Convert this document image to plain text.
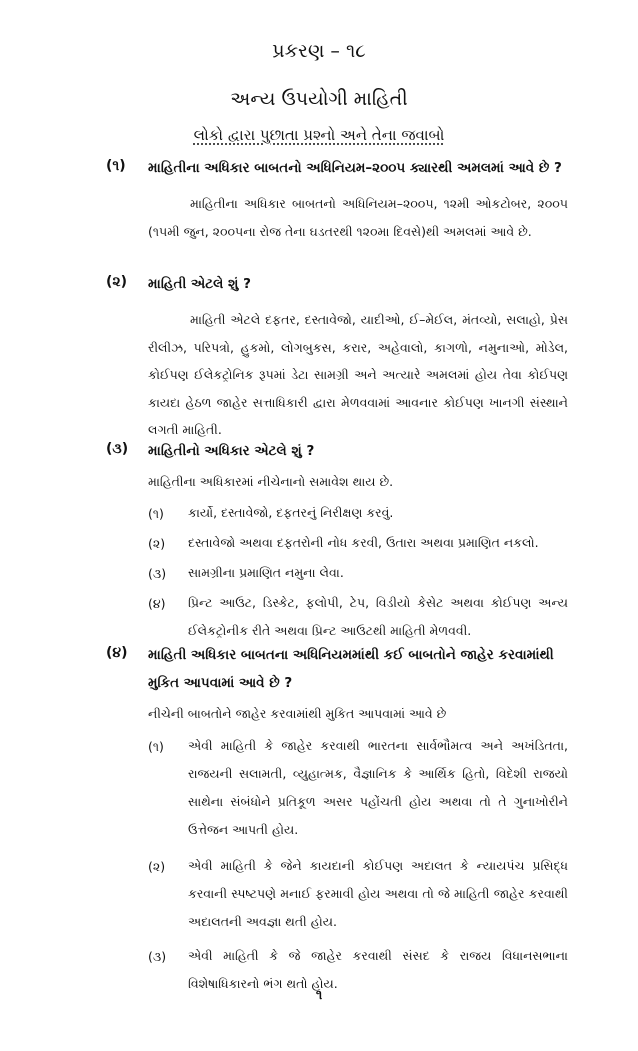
પ્રકરણ – ૧૮
અન્ય ઉપયોગી માહિતી
લોકો દ્વારા પુછાતા પ્રશ્નો અને તેના જવાબો
(૧) માહિતીના અધિકાર બાબતનો અધિનિયમ–૨૦૦૫ ક્યારથી અમલમાં આવે છે ?

માહિતીના અધિકાર બાબતનો અધિનિયમ–૨૦૦૫, ૧૨મી ઓકટોબર, ૨૦૦૫ (૧૫મી જુન, ૨૦૦૫ના રોજ તેના ઘડતરથી ૧૨૦મા દિવસે)થી અમલમાં આવે છે.

(૨) માહિતી એટલે શું ?

માહિતી એટલે દફતર, દસ્તાવેજો, યાદીઓ, ઈ–મેઈલ, મંતવ્યો, સલાહો, પ્રેસ રીલીઝ, પરિપત્રો, હુકમો, લોગબુકસ, કરાર, અહેવાલો, કાગળો, નમુનાઓ, મોડેલ, કોઈપણ ઈલેકટ્રોનિક રૂપમાં ડેટા સામગ્રી અને અત્યારે અમલમાં હોય તેવા કોઈપણ કાયદા હેઠળ જાહેર સત્તાધિકારી દ્વારા મેળવવામાં આવનાર કોઈપણ ખાનગી સંસ્થાને લગતી માહિતી.

(૩) માહિતીનો અધિકાર એટલે શું ?
માહિતીના અધિકારમાં નીચેનાનો સમાવેશ થાય છે.
(૧) કાર્યો, દસ્તાવેજો, દફતરનું નિરીક્ષણ કરવું.
(૨) દસ્તાવેજો અથવા દફતરોની નોધ કરવી, ઉતારા અથવા પ્રમાણિત નકલો.
(૩) સામગ્રીના પ્રમાણિત નમુના લેવા.
(૪) પ્રિન્ટ આઉટ, ડિસ્કેટ, ફલોપી, ટેપ, વિડીયો કેસેટ અથવા કોઈપણ અન્ય ઈલેકટ્રોનીક રીતે અથવા પ્રિન્ટ આઉટથી માહિતી મેળવવી.
(૪) માહિતી અધિકાર બાબતના અધિનિયમમાંથી કઈ બાબતોને જાહેર કરવામાંથી મુકિત આપવામાં આવે છે ?
નીચેની બાબતોને જાહેર કરવામાંથી મુકિત આપવામાં આવે છે
(૧) એવી માહિતી કે જાહેર કરવાથી ભારતના સાર્વભૌમત્વ અને અખંડિતતા, રાજયની સલામતી, વ્યુહાત્મક, વૈજ્ઞાનિક કે આર્થિક હિતો, વિદેશી રાજયો સાથેના સંબંધોને પ્રતિકૂળ અસર પહોંચતી હોય અથવા તો તે ગુનાખોરીને ઉત્તેજન આપતી હોય.
(૨) એવી માહિતી કે જેને કાયદાની કોઈપણ અદાલત કે ન્યાયપંચ પ્રસિદ્ધ કરવાની સ્પષ્ટપણે મનાઈ ફરમાવી હોય અથવા તો જે માહિતી જાહેર કરવાથી અદાલતની અવજ્ઞા થતી હોય.
(૩) એવી માહિતી કે જે જાહેર કરવાથી સંસદ કે રાજય વિધાનસભાના વિશેષાધિકારનો ભંગ થતો હોય.
૧
